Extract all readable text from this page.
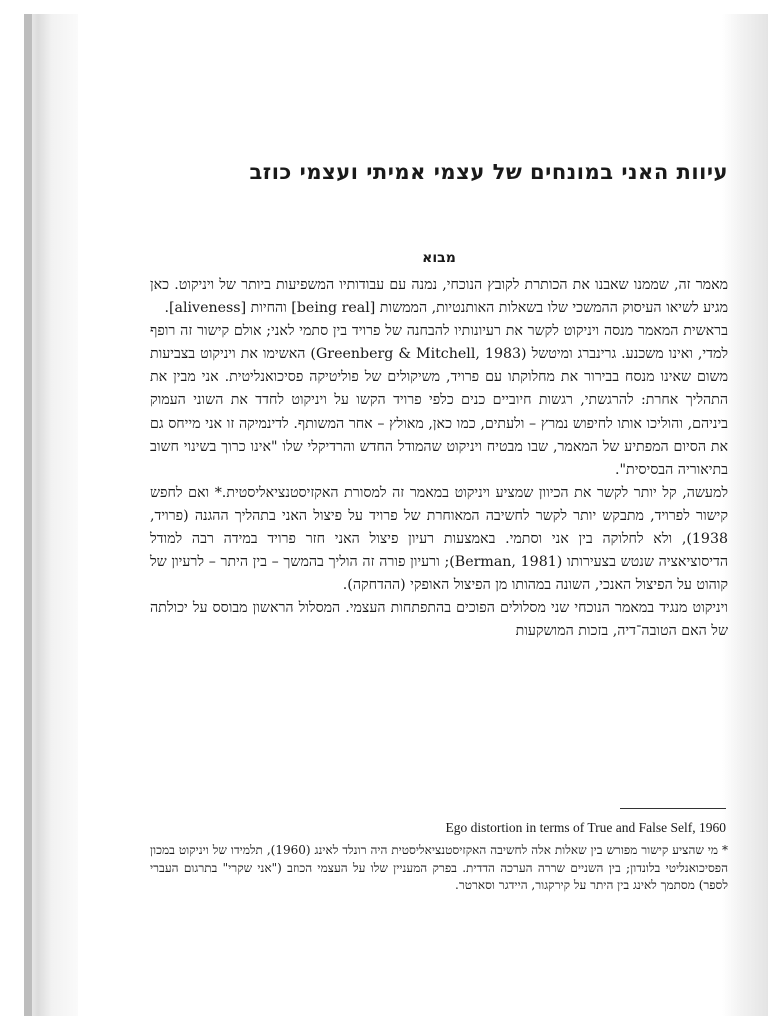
עיוות האני במונחים של עצמי אמיתי ועצמי כוזב
מבוא

מאמר זה, שממנו שאבנו את הכותרת לקובץ הנוכחי, נמנה עם עבודותיו המשפיעות ביותר של ויניקוט. כאן מגיע לשיאו העיסוק ההמשכי שלו בשאלות האותנטיות, הממשות [being real] והחיות [aliveness].

בראשית המאמר מנסה ויניקוט לקשר את רעיונותיו להבחנה של פרויד בין סתמי לאני; אולם קישור זה רופף למדי, ואינו משכנע. גרינברג ומיטשל (Greenberg & Mitchell, 1983) האשימו את ויניקוט בצביעות משום שאינו מנסח בבירור את מחלוקתו עם פרויד, משיקולים של פוליטיקה פסיכואנליטית. אני מבין את התהליך אחרת: להרגשתי, רגשות חיוביים כנים כלפי פרויד הקשו על ויניקוט לחדד את השוני העמוק ביניהם, והוליכו אותו לחיפוש נמרץ – ולעתים, כמו כאן, מאולץ – אחר המשותף. לדינמיקה זו אני מייחס גם את הסיום המפתיע של המאמר, שבו מבטיח ויניקוט שהמודל החדש והרדיקלי שלו "אינו כרוך בשינוי חשוב בתיאוריה הבסיסית".

למעשה, קל יותר לקשר את הכיוון שמציע ויניקוט במאמר זה למסורת האקזיסטנציאליסטית.* ואם לחפש קישור לפרויד, מתבקש יותר לקשר לחשיבה המאוחרת של פרויד על פיצול האני בתהליך ההגנה (פרויד, 1938), ולא לחלוקה בין אני וסתמי. באמצעות רעיון פיצול האני חזר פרויד במידה רבה למודל הדיסוציאציה שנטש בצעירותו (Berman, 1981); ורעיון פורה זה הוליך בהמשך – בין היתר – לרעיון של קוהוט על הפיצול האנכי, השונה במהותו מן הפיצול האופקי (ההדחקה).

ויניקוט מנגיד במאמר הנוכחי שני מסלולים הפוכים בהתפתחות העצמי. המסלול הראשון מבוסס על יכולתה של האם הטובה־דיה, בזכות המושקעות

Ego distortion in terms of True and False Self, 1960
* מי שהציע קישור מפורש בין שאלות אלה לחשיבה האקזיסטנציאליסטית היה רונלד לאינג (1960), תלמידו של ויניקוט במכון הפסיכואנליטי בלונדון; בין השניים שררה הערכה הדדית. בפרק המעניין שלו על העצמי הכוזב ("אני שקרי" בתרגום העברי לספר) מסתמך לאינג בין היתר על קירקגור, היידגר וסארטר.
